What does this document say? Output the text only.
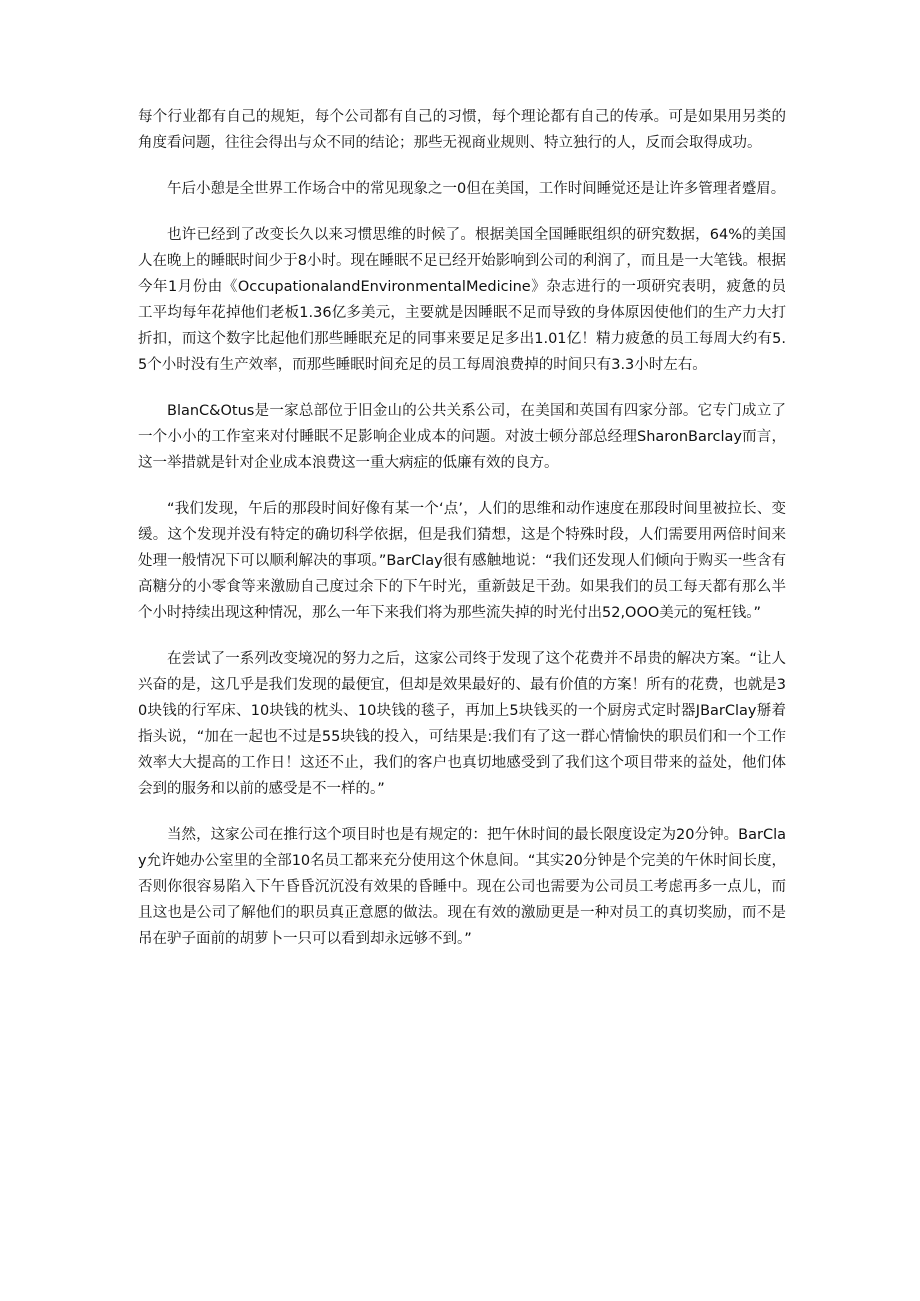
每个行业都有自己的规矩，每个公司都有自己的习惯，每个理论都有自己的传承。可是如果用另类的角度看问题，往往会得出与众不同的结论；那些无视商业规则、特立独行的人，反而会取得成功。

午后小憩是全世界工作场合中的常见现象之一0但在美国，工作时间睡觉还是让许多管理者蹙眉。

也许已经到了改变长久以来习惯思维的时候了。根据美国全国睡眠组织的研究数据，64%的美国人在晚上的睡眠时间少于8小时。现在睡眠不足已经开始影响到公司的利润了，而且是一大笔钱。根据今年1月份由《OccupationalandEnvironmentalMedicine》杂志进行的一项研究表明，疲惫的员工平均每年花掉他们老板1.36亿多美元，主要就是因睡眠不足而导致的身体原因使他们的生产力大打折扣，而这个数字比起他们那些睡眠充足的同事来要足足多出1.01亿！精力疲惫的员工每周大约有5.5个小时没有生产效率，而那些睡眠时间充足的员工每周浪费掉的时间只有3.3小时左右。

BlanC&Otus是一家总部位于旧金山的公共关系公司，在美国和英国有四家分部。它专门成立了一个小小的工作室来对付睡眠不足影响企业成本的问题。对波士顿分部总经理SharonBarclay而言，这一举措就是针对企业成本浪费这一重大病症的低廉有效的良方。

“我们发现，午后的那段时间好像有某一个‘点’，人们的思维和动作速度在那段时间里被拉长、变缓。这个发现并没有特定的确切科学依据，但是我们猜想，这是个特殊时段，人们需要用两倍时间来处理一般情况下可以顺利解决的事项。”BarClay很有感触地说：“我们还发现人们倾向于购买一些含有高糖分的小零食等来激励自己度过余下的下午时光，重新鼓足干劲。如果我们的员工每天都有那么半个小时持续出现这种情况，那么一年下来我们将为那些流失掉的时光付出52,OOO美元的冤枉钱。”

在尝试了一系列改变境况的努力之后，这家公司终于发现了这个花费并不昂贵的解决方案。“让人兴奋的是，这几乎是我们发现的最便宜，但却是效果最好的、最有价值的方案！所有的花费，也就是30块钱的行军床、10块钱的枕头、10块钱的毯子，再加上5块钱买的一个厨房式定时器JBarClay掰着指头说，“加在一起也不过是55块钱的投入，可结果是:我们有了这一群心情愉快的职员们和一个工作效率大大提高的工作日！这还不止，我们的客户也真切地感受到了我们这个项目带来的益处，他们体会到的服务和以前的感受是不一样的。”

当然，这家公司在推行这个项目时也是有规定的：把午休时间的最长限度设定为20分钟。BarClay允许她办公室里的全部10名员工都来充分使用这个休息间。“其实20分钟是个完美的午休时间长度，否则你很容易陷入下午昏昏沉沉没有效果的昏睡中。现在公司也需要为公司员工考虑再多一点儿，而且这也是公司了解他们的职员真正意愿的做法。现在有效的激励更是一种对员工的真切奖励，而不是吊在驴子面前的胡萝卜一只可以看到却永远够不到。”
